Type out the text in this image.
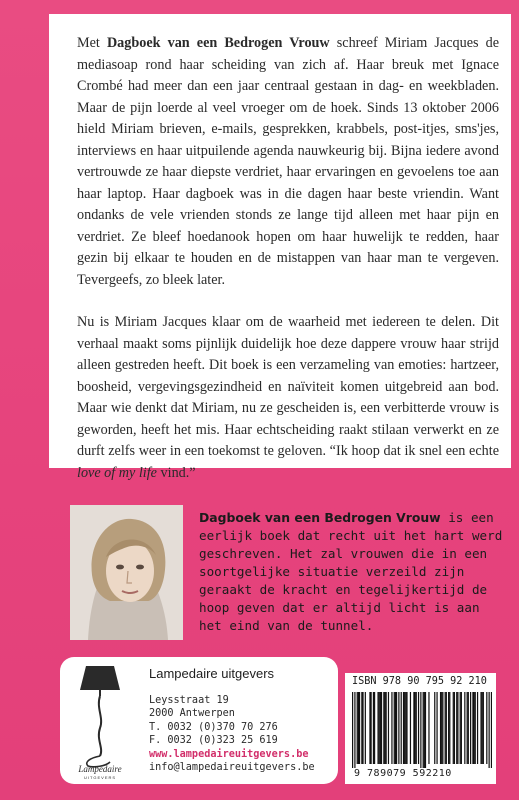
Met Dagboek van een Bedrogen Vrouw schreef Miriam Jacques de mediasoap rond haar scheiding van zich af. Haar breuk met Ignace Crombé had meer dan een jaar centraal gestaan in dag- en weekbladen. Maar de pijn loerde al veel vroeger om de hoek. Sinds 13 oktober 2006 hield Miriam brieven, e-mails, gesprekken, krabbels, post-itjes, sms'jes, interviews en haar uitpuilende agenda nauwkeurig bij. Bijna iedere avond vertrouwde ze haar diepste verdriet, haar ervaringen en gevoelens toe aan haar laptop. Haar dagboek was in die dagen haar beste vriendin. Want ondanks de vele vrienden stonds ze lange tijd alleen met haar pijn en verdriet. Ze bleef hoedanook hopen om haar huwelijk te redden, haar gezin bij elkaar te houden en de mistappen van haar man te vergeven. Tevergeefs, zo bleek later.

Nu is Miriam Jacques klaar om de waarheid met iedereen te delen. Dit verhaal maakt soms pijnlijk duidelijk hoe deze dappere vrouw haar strijd alleen gestreden heeft. Dit boek is een verzameling van emoties: hartzeer, boosheid, vergevingsgezindheid en naïviteit komen uitgebreid aan bod. Maar wie denkt dat Miriam, nu ze gescheiden is, een verbitterde vrouw is geworden, heeft het mis. Haar echtscheiding raakt stilaan verwerkt en ze durft zelfs weer in een toekomst te geloven. “Ik hoop dat ik snel een echte love of my life vind.”

Dagboek van een Bedrogen Vrouw is een eerlijk boek dat recht uit het hart werd geschreven. Het zal vrouwen die in een soortgelijke situatie verzeild zijn geraakt de kracht en tegelijkertijd de hoop geven dat er altijd licht is aan het eind van de tunnel.
Lampedaire
UITGEVERS
Lampedaire uitgevers
Leysstraat 19
2000 Antwerpen
T. 0032 (0)370 70 276
F. 0032 (0)323 25 619
www.lampedaireuitgevers.be
info@lampedaireuitgevers.be
ISBN 978 90 795 92 210
9 789079 592210
